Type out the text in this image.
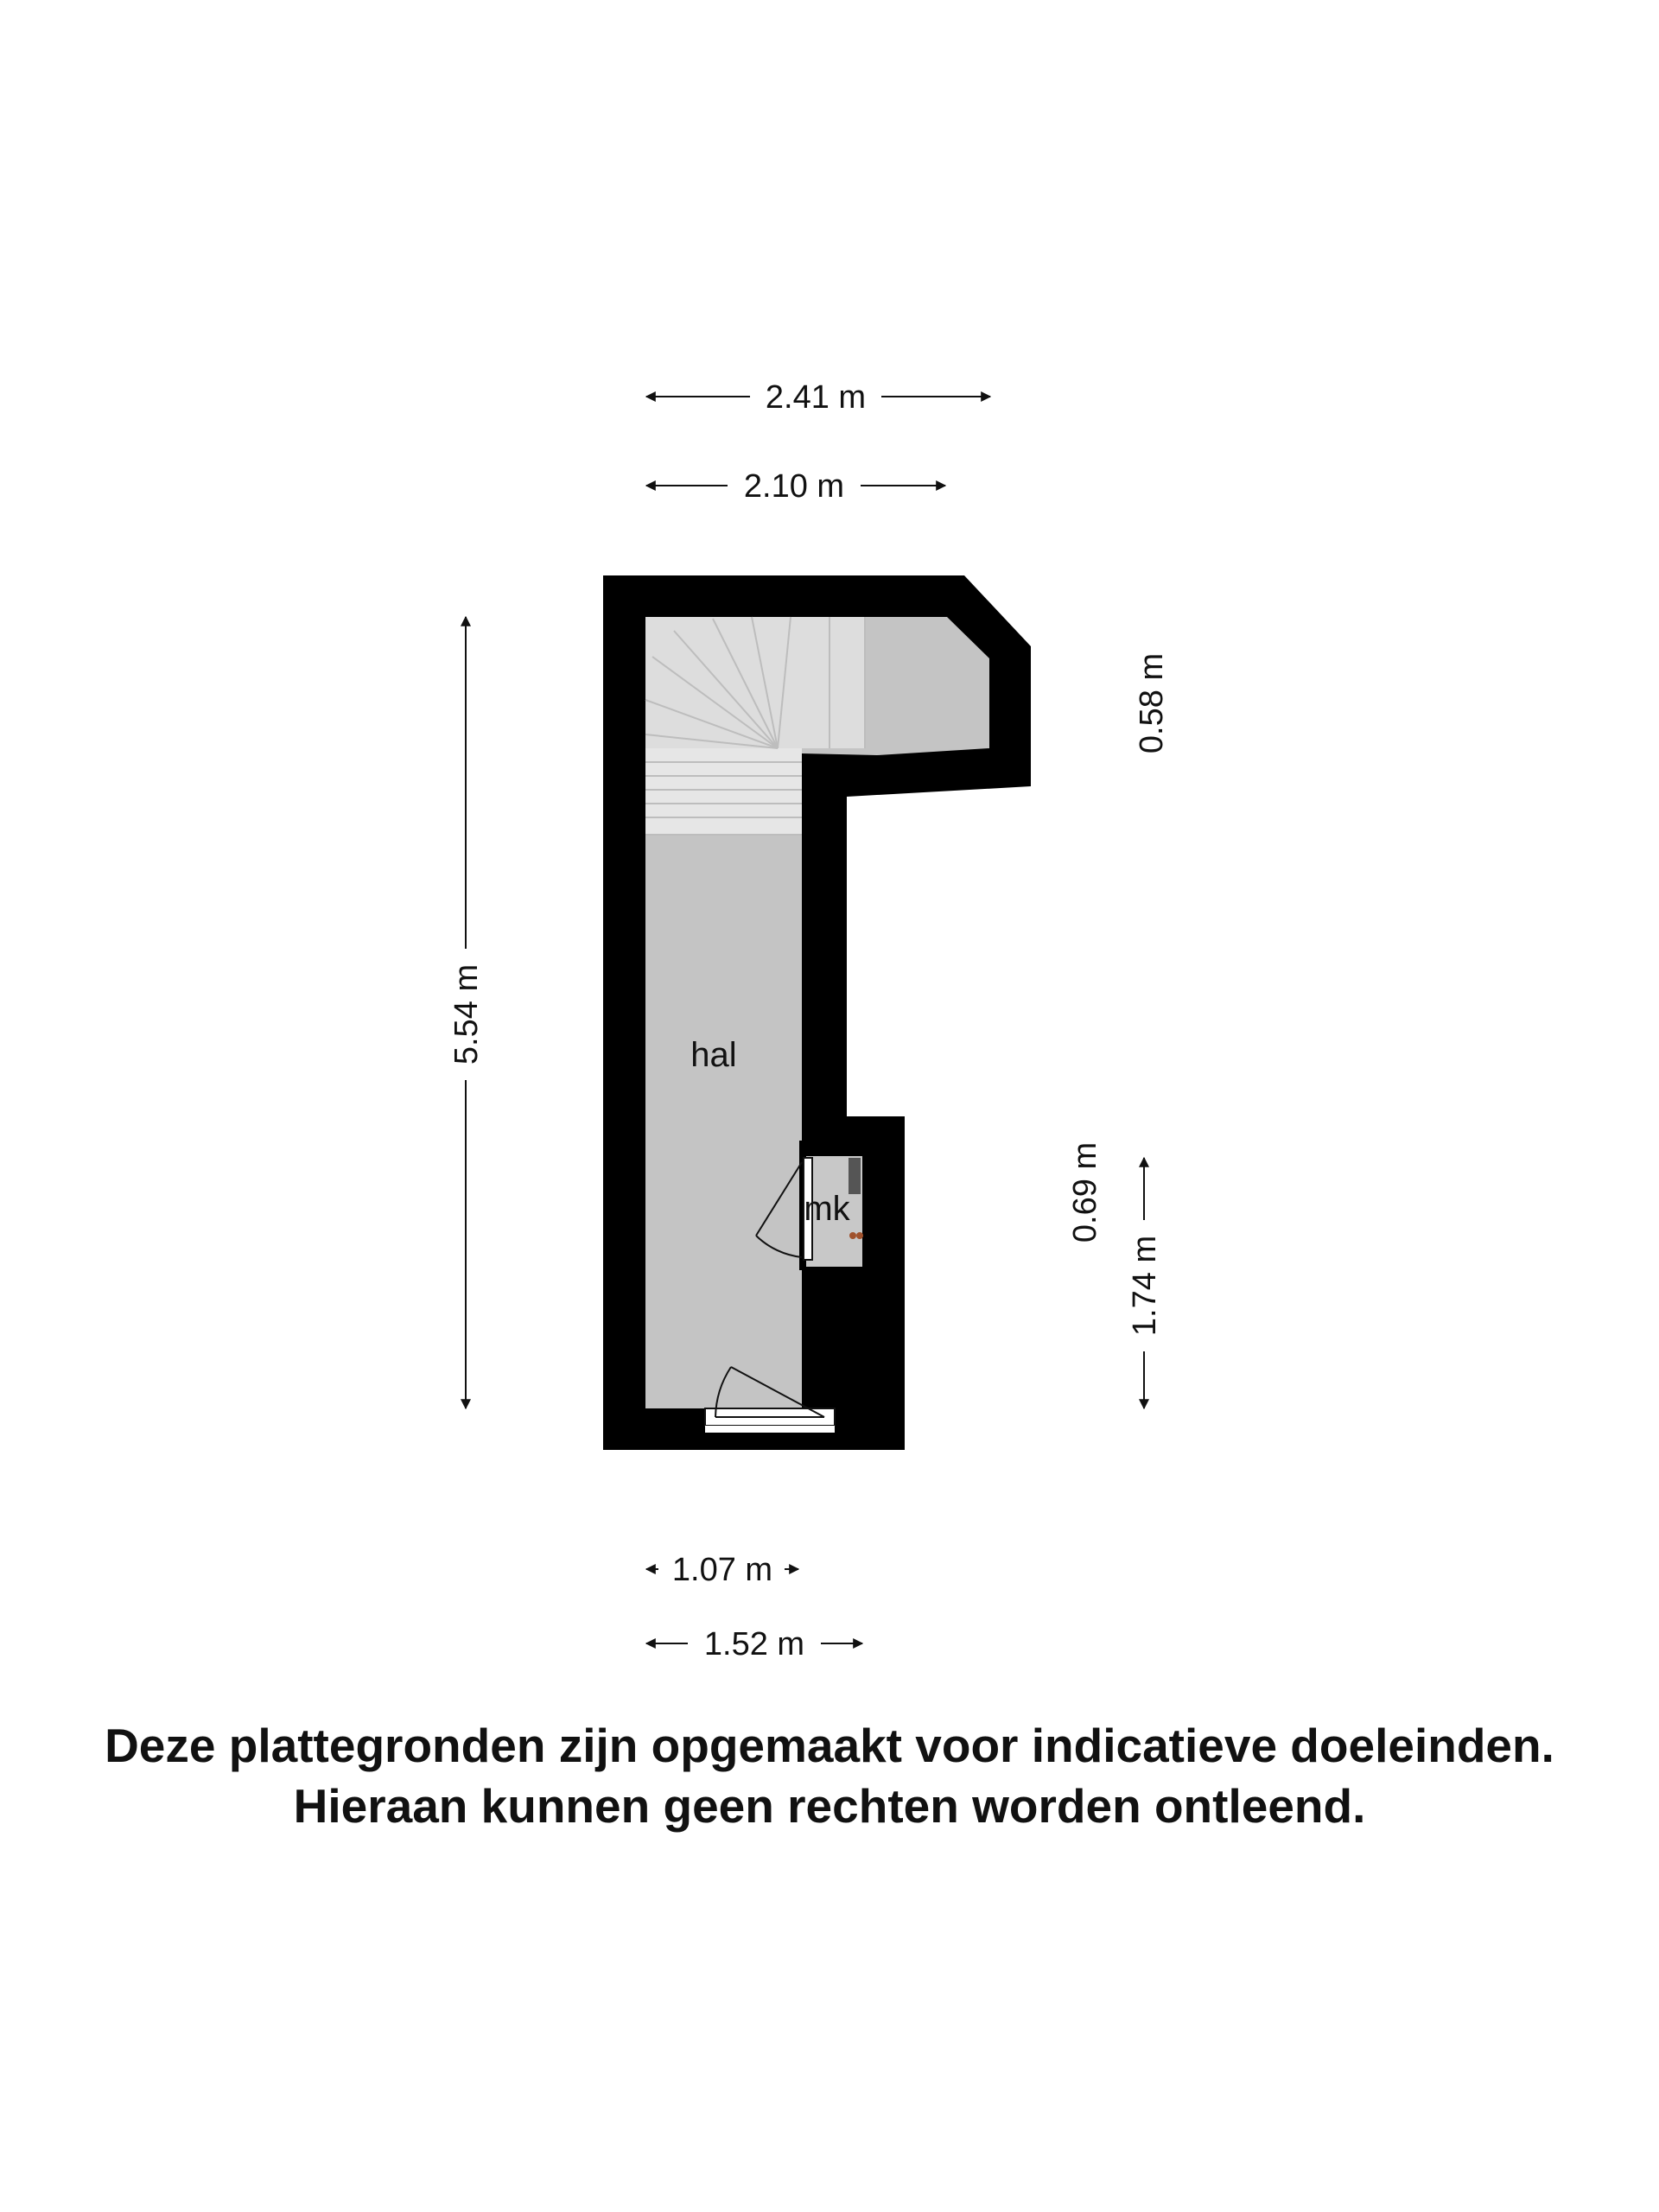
hal
mk
2.41 m
2.10 m
5.54 m
0.58 m
0.69 m
1.74 m
1.07 m
1.52 m
Deze plattegronden zijn opgemaakt voor indicatieve doeleinden.
Hieraan kunnen geen rechten worden ontleend.
